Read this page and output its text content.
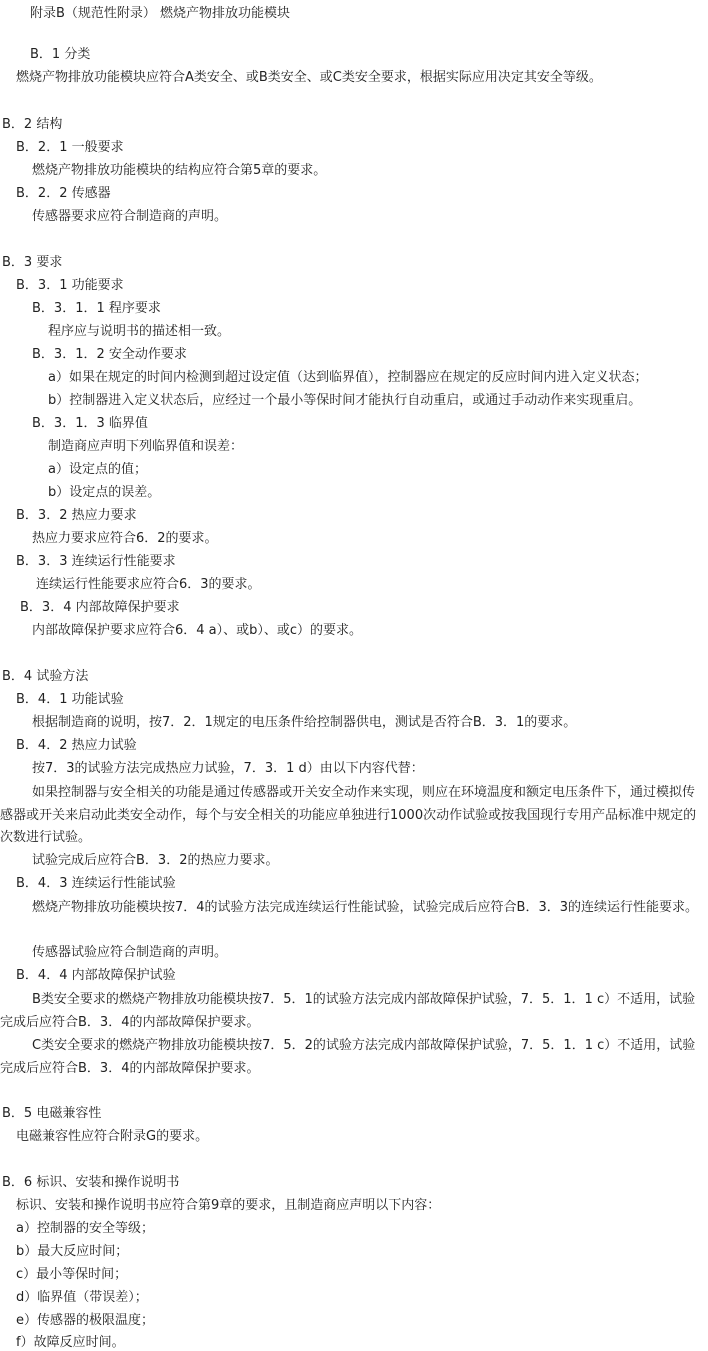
附录B（规范性附录） 燃烧产物排放功能模块
B．1 分类
燃烧产物排放功能模块应符合A类安全、或B类安全、或C类安全要求，根据实际应用决定其安全等级。
B．2 结构
B．2．1 一般要求
燃烧产物排放功能模块的结构应符合第5章的要求。
B．2．2 传感器
传感器要求应符合制造商的声明。
B．3 要求
B．3．1 功能要求
B．3．1．1 程序要求
程序应与说明书的描述相一致。
B．3．1．2 安全动作要求
a）如果在规定的时间内检测到超过设定值（达到临界值），控制器应在规定的反应时间内进入定义状态；
b）控制器进入定义状态后，应经过一个最小等保时间才能执行自动重启，或通过手动动作来实现重启。
B．3．1．3 临界值
制造商应声明下列临界值和误差：
a）设定点的值；
b）设定点的误差。
B．3．2 热应力要求
热应力要求应符合6．2的要求。
B．3．3 连续运行性能要求
连续运行性能要求应符合6．3的要求。
B．3．4 内部故障保护要求
内部故障保护要求应符合6．4 a）、或b）、或c）的要求。
B．4 试验方法
B．4．1 功能试验
根据制造商的说明，按7．2．1规定的电压条件给控制器供电，测试是否符合B．3．1的要求。
B．4．2 热应力试验
按7．3的试验方法完成热应力试验，7．3．1 d）由以下内容代替：
如果控制器与安全相关的功能是通过传感器或开关安全动作来实现，则应在环境温度和额定电压条件下，通过模拟传感器或开关来启动此类安全动作，每个与安全相关的功能应单独进行1000次动作试验或按我国现行专用产品标准中规定的次数进行试验。
试验完成后应符合B．3．2的热应力要求。
B．4．3 连续运行性能试验
燃烧产物排放功能模块按7．4的试验方法完成连续运行性能试验，试验完成后应符合B．3．3的连续运行性能要求。
传感器试验应符合制造商的声明。
B．4．4 内部故障保护试验
B类安全要求的燃烧产物排放功能模块按7．5．1的试验方法完成内部故障保护试验，7．5．1．1 c）不适用，试验完成后应符合B．3．4的内部故障保护要求。
C类安全要求的燃烧产物排放功能模块按7．5．2的试验方法完成内部故障保护试验，7．5．1．1 c）不适用，试验完成后应符合B．3．4的内部故障保护要求。
B．5 电磁兼容性
电磁兼容性应符合附录G的要求。
B．6 标识、安装和操作说明书
标识、安装和操作说明书应符合第9章的要求，且制造商应声明以下内容：
a）控制器的安全等级；
b）最大反应时间；
c）最小等保时间；
d）临界值（带误差）；
e）传感器的极限温度；
f）故障反应时间。
